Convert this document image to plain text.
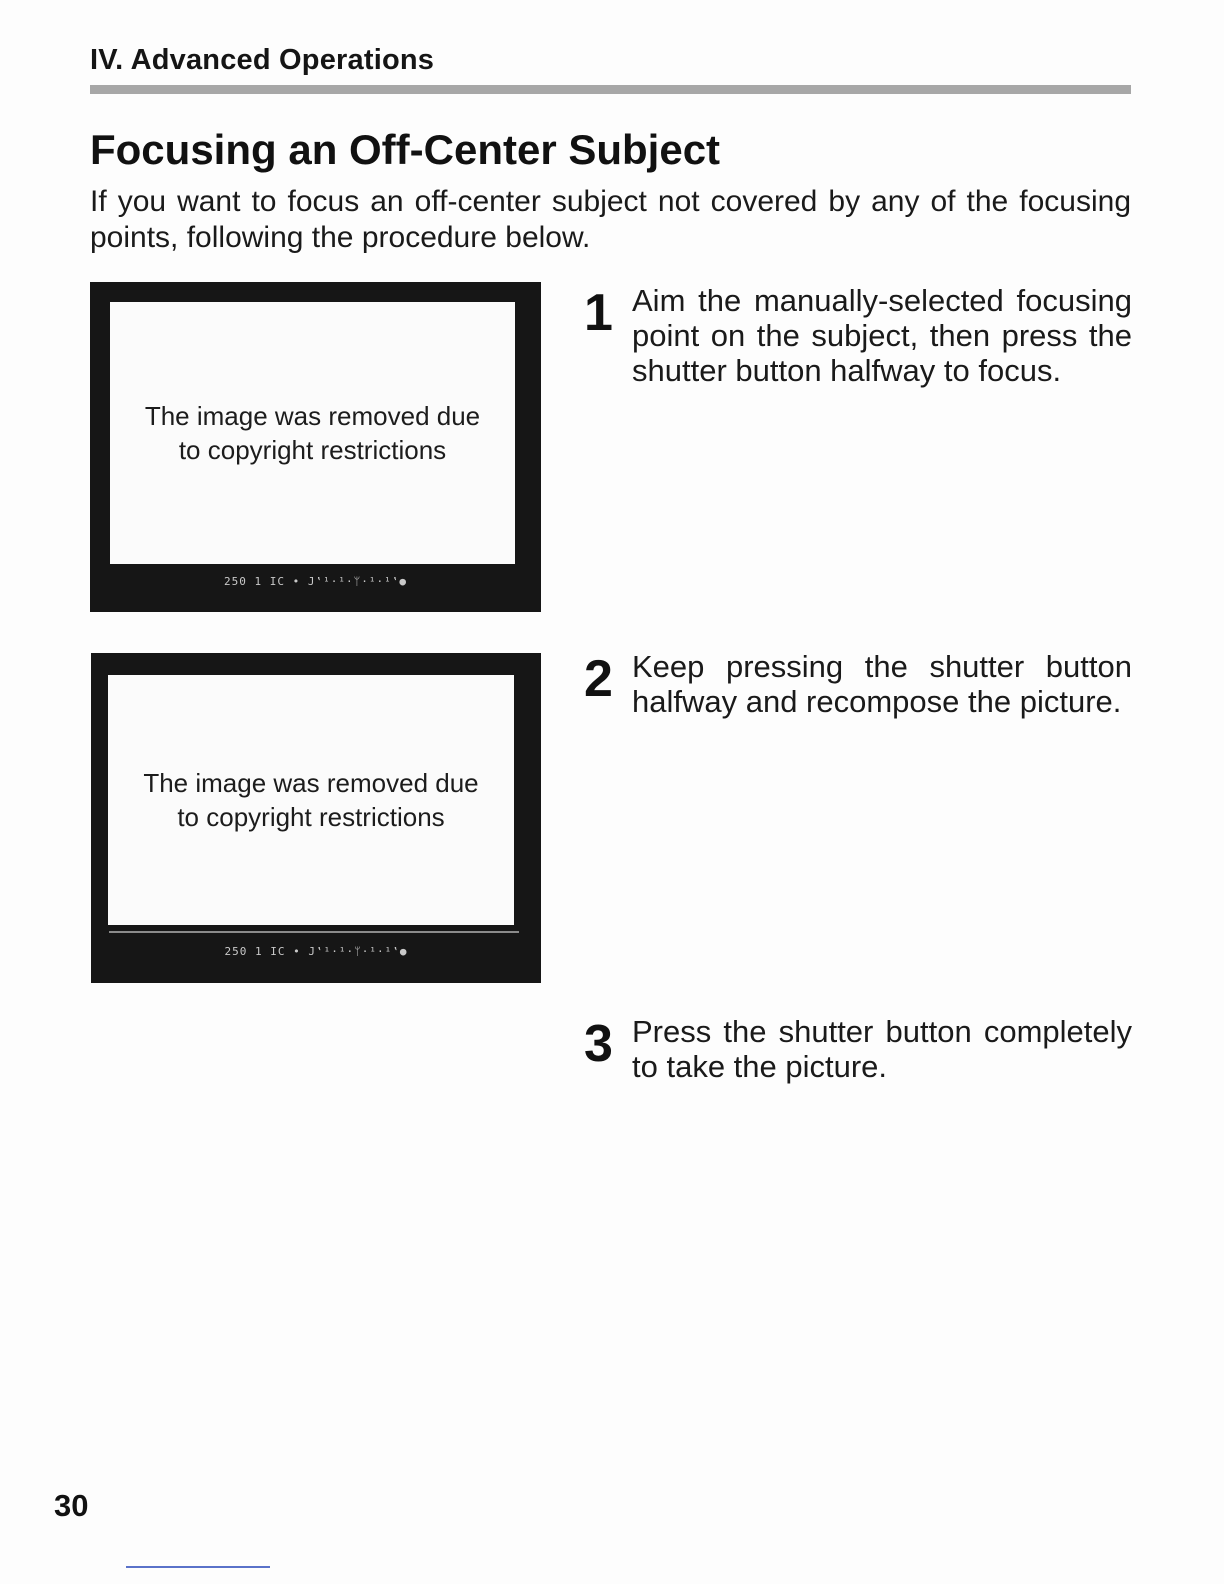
IV. Advanced Operations
Focusing an Off-Center Subject
If you want to focus an off-center subject not covered by any of the focusing points, following the procedure below.
The image was removed due
to copyright restrictions
250 1 IC • J‛¹·¹·ᛘ·¹·¹‛●
The image was removed due
to copyright restrictions
250 1 IC • J‛¹·¹·ᛘ·¹·¹‛●
1 Aim the manually-selected focusing point on the subject, then press the shutter button halfway to focus.
2 Keep pressing the shutter button halfway and recompose the picture.
3 Press the shutter button completely to take the picture.
30
